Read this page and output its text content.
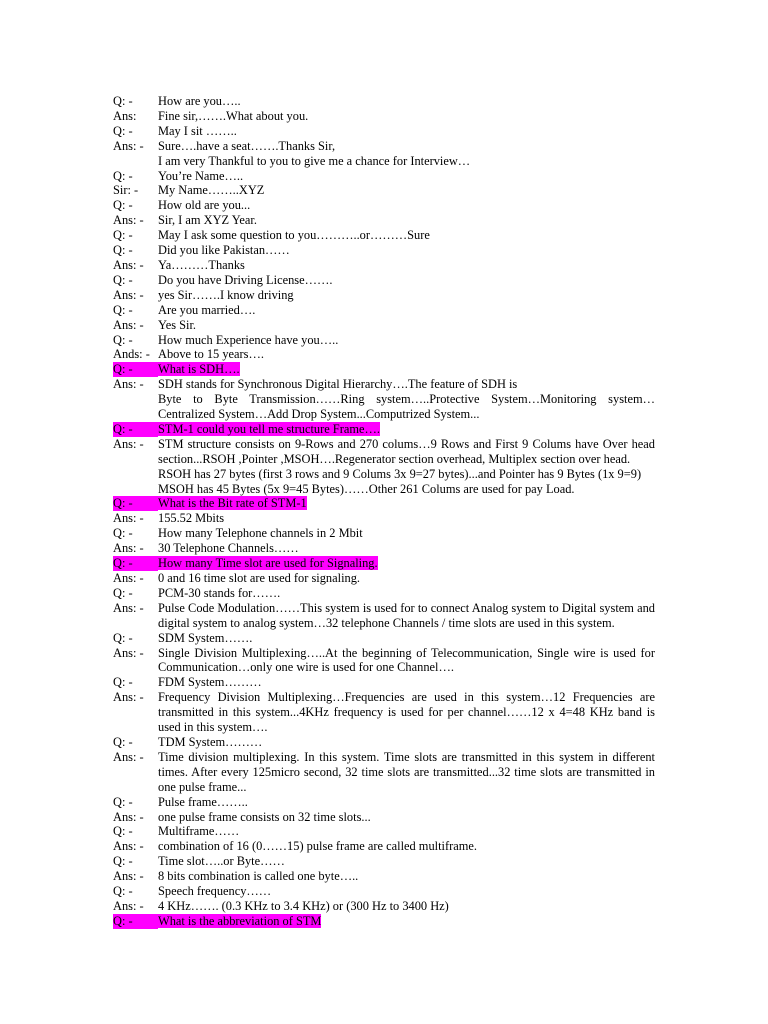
Q: -	How are you…..
Ans:	Fine sir,…….What about you.
Q: -	May I sit ……..
Ans: -	Sure….have a seat…….Thanks Sir,
I am very Thankful to you to give me a chance for Interview…
Q: -	You’re Name…..
Sir: -	My Name……..XYZ
Q: -	How old are you...
Ans: -	Sir, I am XYZ Year.
Q: -	May I ask some question to you………..or………Sure
Q: -	Did you like Pakistan……
Ans: -	Ya………Thanks
Q: -	Do you have Driving License…….
Ans: -	yes Sir…….I know driving
Q: -	Are you married….
Ans: -	Yes Sir.
Q: -	How much Experience have you…..
Ands: - Above to 15 years….
Q: -	What is SDH….
Ans: -	SDH stands for Synchronous Digital Hierarchy….The feature of SDH is
Byte to Byte Transmission……Ring system…..Protective System…Monitoring system… Centralized System…Add Drop System...Computrized System...
Q: -	STM-1 could you tell me structure Frame….
Ans: -	STM structure consists on 9-Rows and 270 colums…9 Rows and First 9 Colums have Over head section...RSOH ,Pointer ,MSOH….Regenerator section overhead, Multiplex section over head.
RSOH has 27 bytes (first 3 rows and 9 Colums 3x 9=27 bytes)...and Pointer has 9 Bytes (1x 9=9)
MSOH has 45 Bytes (5x 9=45 Bytes)……Other 261 Colums are used for pay Load.
Q: -	What is the Bit rate of STM-1
Ans: -	155.52 Mbits
Q: -	How many Telephone channels in 2 Mbit
Ans: -	30 Telephone Channels……
Q: -	How many Time slot are used for Signaling.
Ans: -	0 and 16 time slot are used for signaling.
Q: -	PCM-30 stands for…….
Ans: -	Pulse Code Modulation……This system is used for to connect Analog system to Digital system and digital system to analog system…32 telephone Channels / time slots are used in this system.
Q: -	SDM System…….
Ans: -	Single Division Multiplexing…..At the beginning of Telecommunication, Single wire is used for Communication…only one wire is used for one Channel….
Q: -	FDM System………
Ans: -	Frequency Division Multiplexing…Frequencies are used in this system…12 Frequencies are transmitted in this system...4KHz frequency is used for per channel……12 x 4=48 KHz band is used in this system….
Q: -	TDM System………
Ans: -	Time division multiplexing. In this system. Time slots are transmitted in this system in different times. After every 125micro second, 32 time slots are transmitted...32 time slots are transmitted in one pulse frame...
Q: -	Pulse frame……..
Ans: -	one pulse frame consists on 32 time slots...
Q: -	Multiframe……
Ans: -	combination of 16 (0……15) pulse frame are called multiframe.
Q: -	Time slot…..or Byte……
Ans: -	8 bits combination is called one byte…..
Q: -	Speech frequency……
Ans: -	4 KHz……. (0.3 KHz to 3.4 KHz) or (300 Hz to 3400 Hz)
Q: -	What is the abbreviation of STM
